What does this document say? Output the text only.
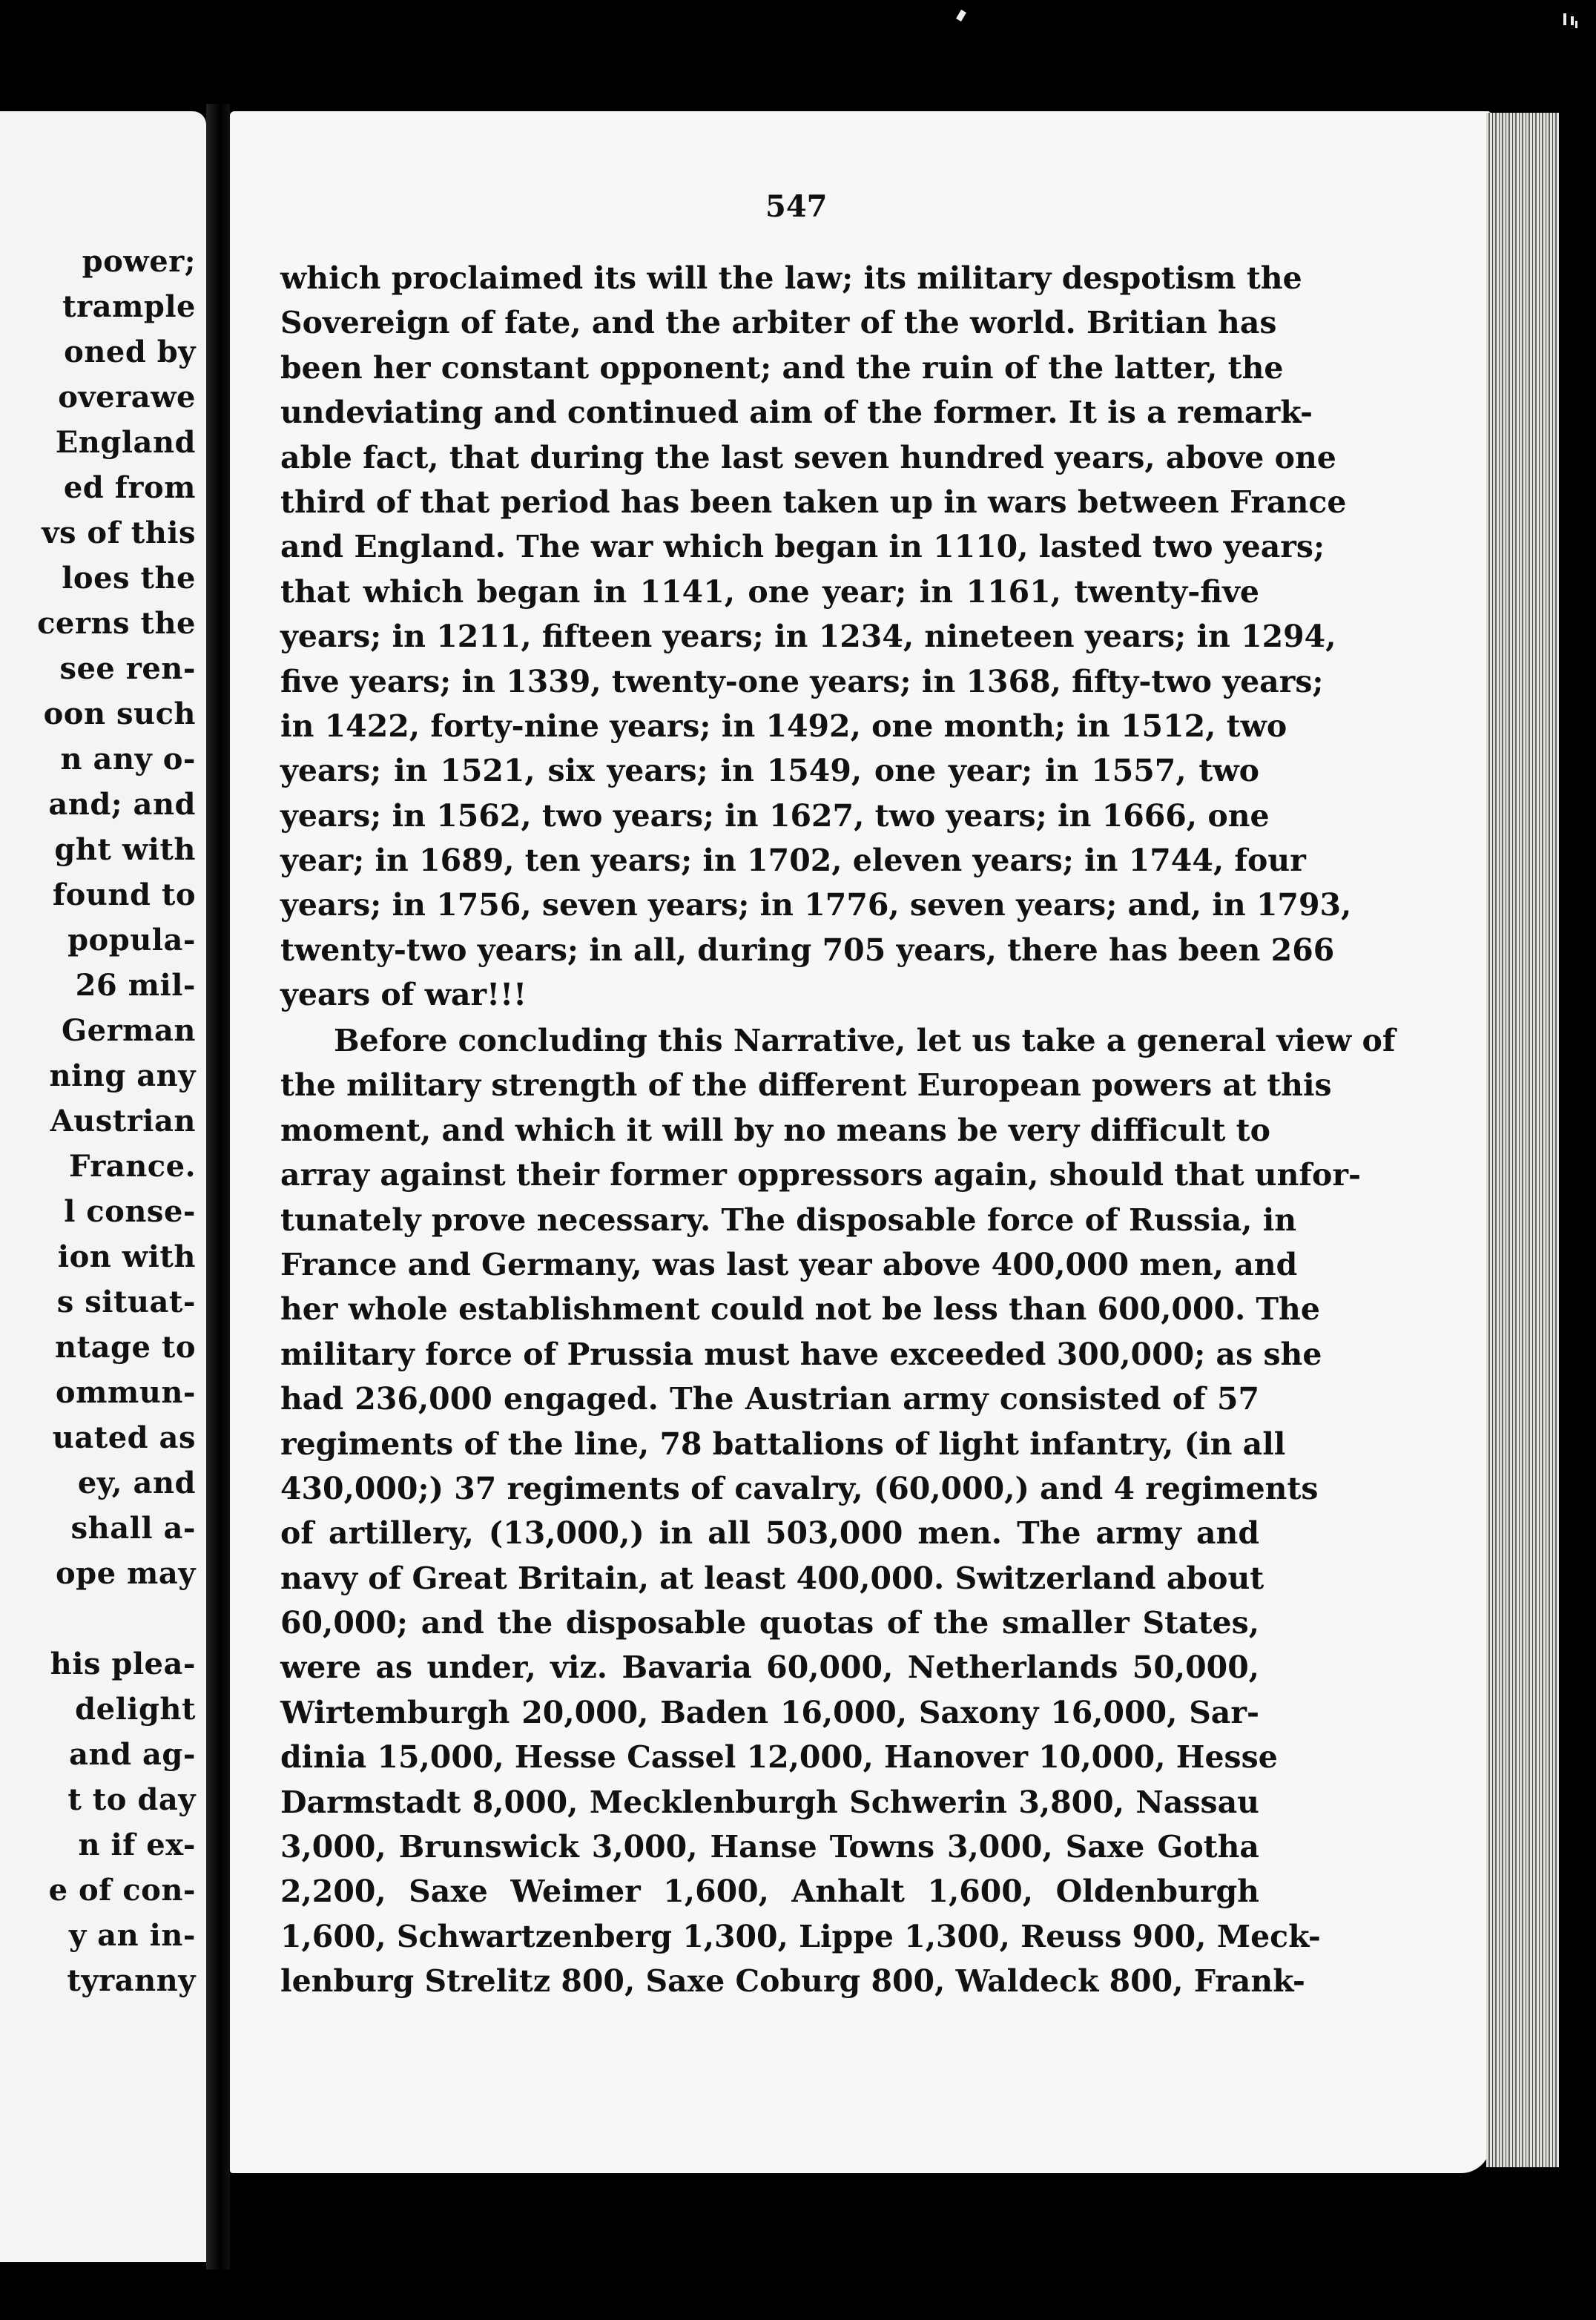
power;
trample
oned by
overawe
England
ed from
vs of this
loes the
cerns the
see ren-
oon such
n any o-
and; and
ght with
found to
popula-
26 mil-
German
ning any
Austrian
France.
l conse-
ion with
s situat-
ntage to
ommun-
uated as
ey, and
shall a-
ope may
his plea-
delight
and ag-
t to day
n if ex-
e of con-
y an in-
tyranny
547
which proclaimed its will the law; its military despotism the
Sovereign of fate, and the arbiter of the world. Britian has
been her constant opponent; and the ruin of the latter, the
undeviating and continued aim of the former. It is a remark-
able fact, that during the last seven hundred years, above one
third of that period has been taken up in wars between France
and England. The war which began in 1110, lasted two years;
that which began in 1141, one year; in 1161, twenty-five
years; in 1211, fifteen years; in 1234, nineteen years; in 1294,
five years; in 1339, twenty-one years; in 1368, fifty-two years;
in 1422, forty-nine years; in 1492, one month; in 1512, two
years; in 1521, six years; in 1549, one year; in 1557, two
years; in 1562, two years; in 1627, two years; in 1666, one
year; in 1689, ten years; in 1702, eleven years; in 1744, four
years; in 1756, seven years; in 1776, seven years; and, in 1793,
twenty-two years; in all, during 705 years, there has been 266
years of war!!!
Before concluding this Narrative, let us take a general view of
the military strength of the different European powers at this
moment, and which it will by no means be very difficult to
array against their former oppressors again, should that unfor-
tunately prove necessary. The disposable force of Russia, in
France and Germany, was last year above 400,000 men, and
her whole establishment could not be less than 600,000. The
military force of Prussia must have exceeded 300,000; as she
had 236,000 engaged. The Austrian army consisted of 57
regiments of the line, 78 battalions of light infantry, (in all
430,000;) 37 regiments of cavalry, (60,000,) and 4 regiments
of artillery, (13,000,) in all 503,000 men. The army and
navy of Great Britain, at least 400,000. Switzerland about
60,000; and the disposable quotas of the smaller States,
were as under, viz. Bavaria 60,000, Netherlands 50,000,
Wirtemburgh 20,000, Baden 16,000, Saxony 16,000, Sar-
dinia 15,000, Hesse Cassel 12,000, Hanover 10,000, Hesse
Darmstadt 8,000, Mecklenburgh Schwerin 3,800, Nassau
3,000, Brunswick 3,000, Hanse Towns 3,000, Saxe Gotha
2,200, Saxe Weimer 1,600, Anhalt 1,600, Oldenburgh
1,600, Schwartzenberg 1,300, Lippe 1,300, Reuss 900, Meck-
lenburg Strelitz 800, Saxe Coburg 800, Waldeck 800, Frank-
